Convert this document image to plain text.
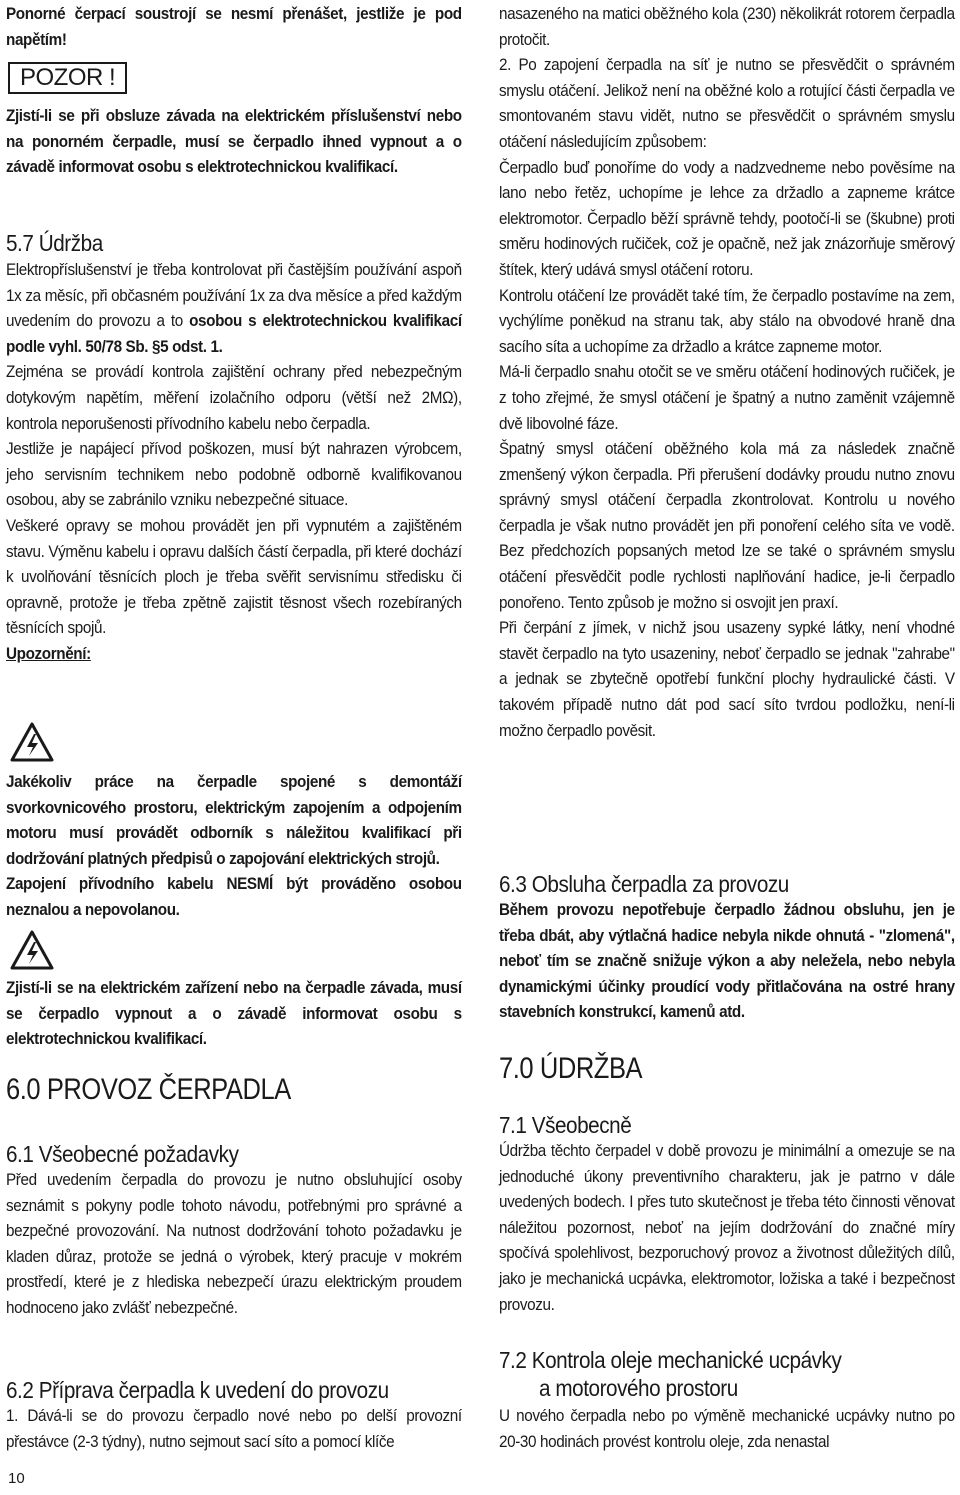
Ponorné čerpací soustrojí se nesmí přenášet, jestliže je pod napětím!

POZOR !

Zjistí-li se při obsluze závada na elektrickém příslušenství nebo na ponorném čerpadle, musí se čerpadlo ihned vypnout a o závadě informovat osobu s elektrotechnickou kvalifikací.

5.7 Údržba

Elektropříslušenství je třeba kontrolovat při častějším používání aspoň 1x za měsíc, při občasném používání 1x za dva měsíce a před každým uvedením do provozu a to osobou s elektrotechnickou kvalifikací podle vyhl. 50/78 Sb. §5 odst. 1.

Zejména se provádí kontrola zajištění ochrany před nebezpečným dotykovým napětím, měření izolačního odporu (větší než 2MΩ), kontrola neporušenosti přívodního kabelu nebo čerpadla.

Jestliže je napájecí přívod poškozen, musí být nahrazen výrobcem, jeho servisním technikem nebo podobně odborně kvalifikovanou osobou, aby se zabránilo vzniku nebezpečné situace.

Veškeré opravy se mohou provádět jen při vypnutém a zajištěném stavu. Výměnu kabelu i opravu dalších částí čerpadla, při které dochází k uvolňování těsnících ploch je třeba svěřit servisnímu středisku či opravně, protože je třeba zpětně zajistit těsnost všech rozebíraných těsnících spojů.

Upozornění:

Jakékoliv práce na čerpadle spojené s demontáží svorkovnicového prostoru, elektrickým zapojením a odpojením motoru musí provádět odborník s náležitou kvalifikací při dodržování platných předpisů o zapojování elektrických strojů.

Zapojení přívodního kabelu NESMÍ být prováděno osobou neznalou a nepovolanou.

Zjistí-li se na elektrickém zařízení nebo na čerpadle závada, musí se čerpadlo vypnout a o závadě informovat osobu s elektrotechnickou kvalifikací.

6.0 PROVOZ ČERPADLA
6.1 Všeobecné požadavky

Před uvedením čerpadla do provozu je nutno obsluhující osoby seznámit s pokyny podle tohoto návodu, potřebnými pro správné a bezpečné provozování. Na nutnost dodržování tohoto požadavku je kladen důraz, protože se jedná o výrobek, který pracuje v mokrém prostředí, které je z hlediska nebezpečí úrazu elektrickým proudem hodnoceno jako zvlášť nebezpečné.

6.2 Příprava čerpadla k uvedení do provozu

1. Dává-li se do provozu čerpadlo nové nebo po delší provozní přestávce (2-3 týdny), nutno sejmout sací síto a pomocí klíče

10

nasazeného na matici oběžného kola (230) několikrát rotorem čerpadla protočit.

2. Po zapojení čerpadla na síť je nutno se přesvědčit o správném smyslu otáčení. Jelikož není na oběžné kolo a rotující části čerpadla ve smontovaném stavu vidět, nutno se přesvědčit o správném smyslu otáčení následujícím způsobem:

Čerpadlo buď ponoříme do vody a nadzvedneme nebo pověsíme na lano nebo řetěz, uchopíme je lehce za držadlo a zapneme krátce elektromotor. Čerpadlo běží správně tehdy, pootočí-li se (škubne) proti směru hodinových ručiček, což je opačně, než jak znázorňuje směrový štítek, který udává smysl otáčení rotoru.

Kontrolu otáčení lze provádět také tím, že čerpadlo postavíme na zem, vychýlíme poněkud na stranu tak, aby stálo na obvodové hraně dna sacího síta a uchopíme za držadlo a krátce zapneme motor.

Má-li čerpadlo snahu otočit se ve směru otáčení hodinových ručiček, je z toho zřejmé, že smysl otáčení je špatný a nutno zaměnit vzájemně dvě libovolné fáze.

Špatný smysl otáčení oběžného kola má za následek značně zmenšený výkon čerpadla. Při přerušení dodávky proudu nutno znovu správný smysl otáčení čerpadla zkontrolovat. Kontrolu u nového čerpadla je však nutno provádět jen při ponoření celého síta ve vodě. Bez předchozích popsaných metod lze se také o správném smyslu otáčení přesvědčit podle rychlosti naplňování hadice, je-li čerpadlo ponořeno. Tento způsob je možno si osvojit jen praxí.

Při čerpání z jímek, v nichž jsou usazeny sypké látky, není vhodné stavět čerpadlo na tyto usazeniny, neboť čerpadlo se jednak "zahrabe" a jednak se zbytečně opotřebí funkční plochy hydraulické části. V takovém případě nutno dát pod sací síto tvrdou podložku, není-li možno čerpadlo pověsit.

6.3 Obsluha čerpadla za provozu

Během provozu nepotřebuje čerpadlo žádnou obsluhu, jen je třeba dbát, aby výtlačná hadice nebyla nikde ohnutá - "zlomená", neboť tím se značně snižuje výkon a aby neležela, nebo nebyla dynamickými účinky proudící vody přitlačována na ostré hrany stavebních konstrukcí, kamenů atd.

7.0 ÚDRŽBA
7.1 Všeobecně

Údržba těchto čerpadel v době provozu je minimální a omezuje se na jednoduché úkony preventivního charakteru, jak je patrno v dále uvedených bodech. I přes tuto skutečnost je třeba této činnosti věnovat náležitou pozornost, neboť na jejím dodržování do značné míry spočívá spolehlivost, bezporuchový provoz a životnost důležitých dílů, jako je mechanická ucpávka, elektromotor, ložiska a také i bezpečnost provozu.

7.2 Kontrola oleje mechanické ucpávky
a motorového prostoru

U nového čerpadla nebo po výměně mechanické ucpávky nutno po 20-30 hodinách provést kontrolu oleje, zda nenastal
